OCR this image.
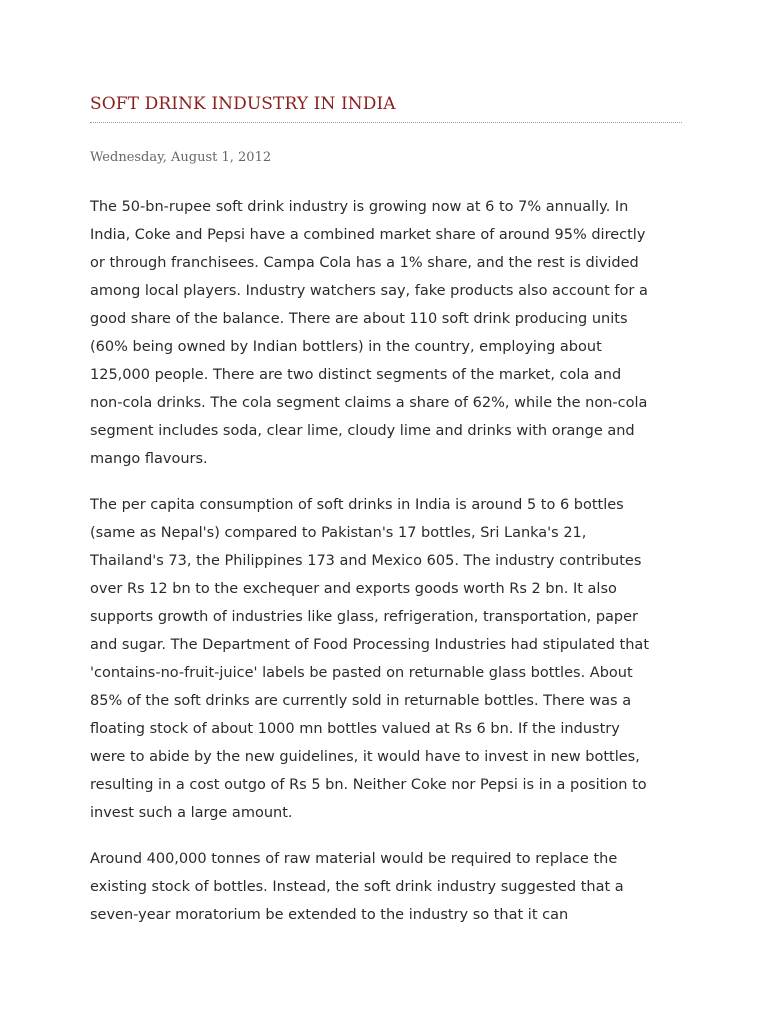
SOFT DRINK INDUSTRY IN INDIA
Wednesday, August 1, 2012

The 50-bn-rupee soft drink industry is growing now at 6 to 7% annually. In
India, Coke and Pepsi have a combined market share of around 95% directly
or through franchisees. Campa Cola has a 1% share, and the rest is divided
among local players. Industry watchers say, fake products also account for a
good share of the balance. There are about 110 soft drink producing units
(60% being owned by Indian bottlers) in the country, employing about
125,000 people. There are two distinct segments of the market, cola and
non-cola drinks. The cola segment claims a share of 62%, while the non-cola
segment includes soda, clear lime, cloudy lime and drinks with orange and
mango flavours.

The per capita consumption of soft drinks in India is around 5 to 6 bottles
(same as Nepal's) compared to Pakistan's 17 bottles, Sri Lanka's 21,
Thailand's 73, the Philippines 173 and Mexico 605. The industry contributes
over Rs 12 bn to the exchequer and exports goods worth Rs 2 bn. It also
supports growth of industries like glass, refrigeration, transportation, paper
and sugar. The Department of Food Processing Industries had stipulated that
'contains-no-fruit-juice' labels be pasted on returnable glass bottles. About
85% of the soft drinks are currently sold in returnable bottles. There was a
floating stock of about 1000 mn bottles valued at Rs 6 bn. If the industry
were to abide by the new guidelines, it would have to invest in new bottles,
resulting in a cost outgo of Rs 5 bn. Neither Coke nor Pepsi is in a position to
invest such a large amount.

Around 400,000 tonnes of raw material would be required to replace the
existing stock of bottles. Instead, the soft drink industry suggested that a
seven-year moratorium be extended to the industry so that it can
